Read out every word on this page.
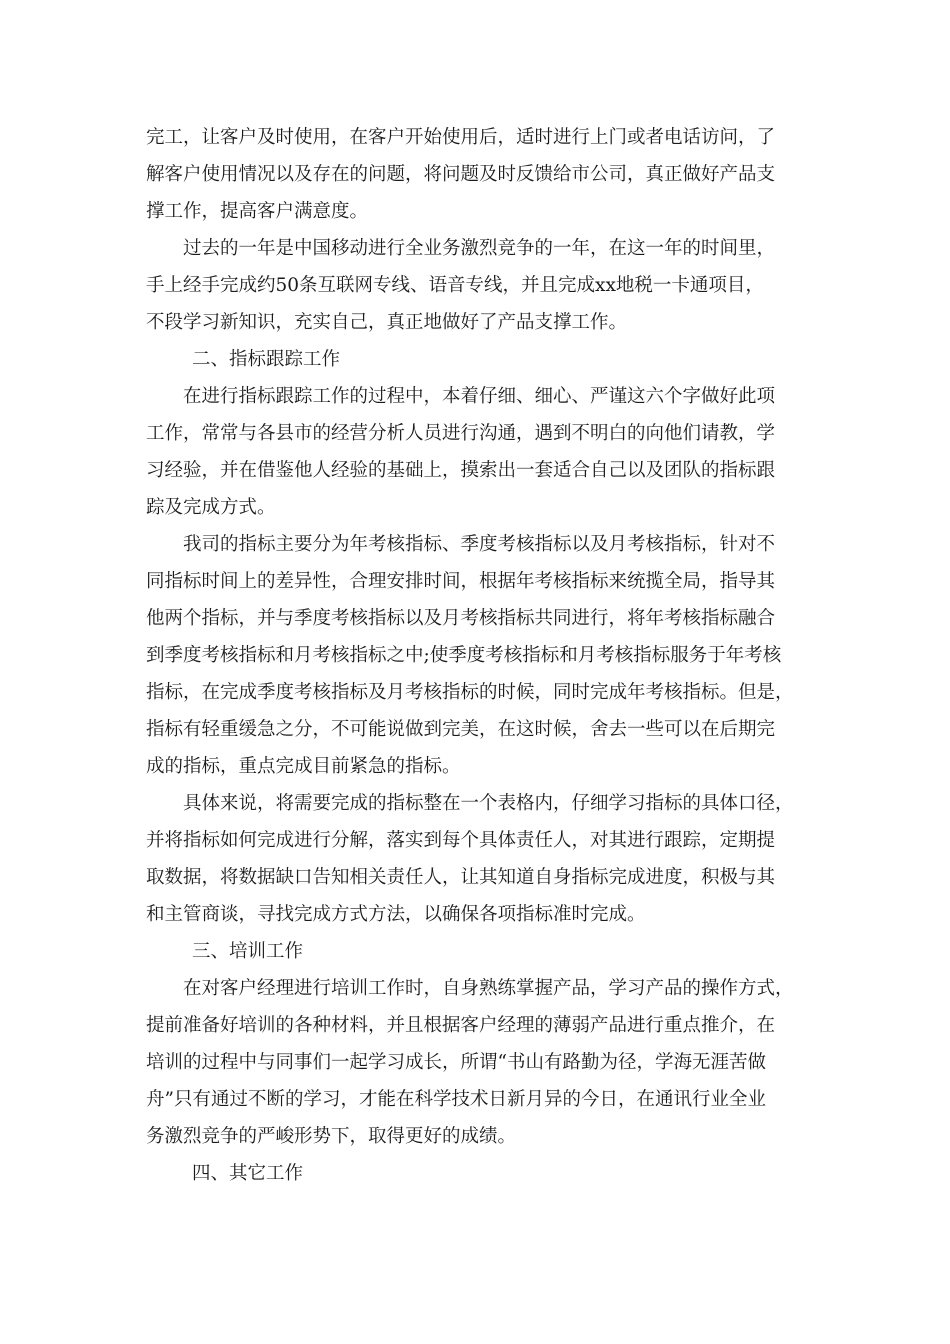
完工，让客户及时使用，在客户开始使用后，适时进行上门或者电话访问，了
解客户使用情况以及存在的问题，将问题及时反馈给市公司，真正做好产品支
撑工作，提高客户满意度。

　　过去的一年是中国移动进行全业务激烈竞争的一年，在这一年的时间里，
手上经手完成约50条互联网专线、语音专线，并且完成xx地税一卡通项目，
不段学习新知识，充实自己，真正地做好了产品支撑工作。

二、指标跟踪工作

　　在进行指标跟踪工作的过程中，本着仔细、细心、严谨这六个字做好此项
工作，常常与各县市的经营分析人员进行沟通，遇到不明白的向他们请教，学
习经验，并在借鉴他人经验的基础上，摸索出一套适合自己以及团队的指标跟
踪及完成方式。

　　我司的指标主要分为年考核指标、季度考核指标以及月考核指标，针对不
同指标时间上的差异性，合理安排时间，根据年考核指标来统揽全局，指导其
他两个指标，并与季度考核指标以及月考核指标共同进行，将年考核指标融合
到季度考核指标和月考核指标之中;使季度考核指标和月考核指标服务于年考核
指标，在完成季度考核指标及月考核指标的时候，同时完成年考核指标。但是，
指标有轻重缓急之分，不可能说做到完美，在这时候，舍去一些可以在后期完
成的指标，重点完成目前紧急的指标。

　　具体来说，将需要完成的指标整在一个表格内，仔细学习指标的具体口径，
并将指标如何完成进行分解，落实到每个具体责任人，对其进行跟踪，定期提
取数据，将数据缺口告知相关责任人，让其知道自身指标完成进度，积极与其
和主管商谈，寻找完成方式方法，以确保各项指标准时完成。

三、培训工作

　　在对客户经理进行培训工作时，自身熟练掌握产品，学习产品的操作方式，
提前准备好培训的各种材料，并且根据客户经理的薄弱产品进行重点推介，在
培训的过程中与同事们一起学习成长，所谓“书山有路勤为径，学海无涯苦做
舟”只有通过不断的学习，才能在科学技术日新月异的今日，在通讯行业全业
务激烈竞争的严峻形势下，取得更好的成绩。

四、其它工作
